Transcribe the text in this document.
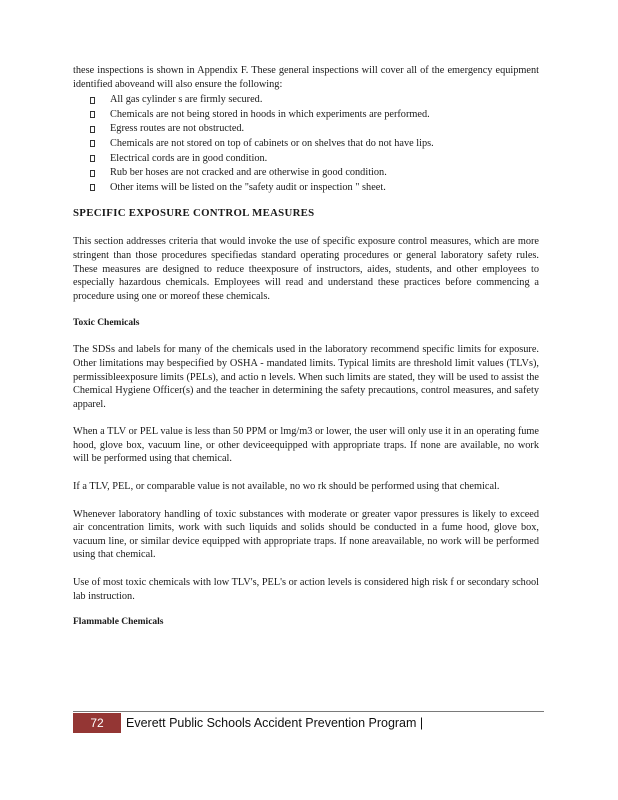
these inspections is shown in Appendix F. These general inspections will cover all of the emergency equipment identified aboveand will also ensure the following:

All gas cylinder s are firmly secured.
Chemicals are not being stored in hoods in which experiments are performed.
Egress routes are not obstructed.
Chemicals are not stored on top of cabinets or on shelves that do not have lips.
Electrical cords are in good condition.
Rub ber hoses are not cracked and are otherwise in good condition.
Other items will be listed on the "safety audit or inspection " sheet.
SPECIFIC EXPOSURE CONTROL MEASURES

This section addresses criteria that would invoke the use of specific exposure control measures, which are more stringent than those procedures specifiedas standard operating procedures or general laboratory safety rules. These measures are designed to reduce theexposure of instructors, aides, students, and other employees to especially hazardous chemicals. Employees will read and understand these practices before commencing a procedure using one or moreof these chemicals.

Toxic Chemicals

The SDSs and labels for many of the chemicals used in the laboratory recommend specific limits for exposure. Other limitations may bespecified by OSHA - mandated limits. Typical limits are threshold limit values (TLVs), permissibleexposure limits (PELs), and actio n levels. When such limits are stated, they will be used to assist the Chemical Hygiene Officer(s) and the teacher in determining the safety precautions, control measures, and safety apparel.

When a TLV or PEL value is less than 50 PPM or lmg/m3 or lower, the user will only use it in an operating fume hood, glove box, vacuum line, or other deviceequipped with appropriate traps. If none are available, no work will be performed using that chemical.

If a TLV, PEL, or comparable value is not available, no wo rk should be performed using that chemical.

Whenever laboratory handling of toxic substances with moderate or greater vapor pressures is likely to exceed air concentration limits, work with such liquids and solids should be conducted in a fume hood, glove box, vacuum line, or similar device equipped with appropriate traps. If none areavailable, no work will be performed using that chemical.

Use of most toxic chemicals with low TLV's, PEL's or action levels is considered high risk f or secondary school lab instruction.

Flammable Chemicals
72	Everett Public Schools Accident Prevention Program |
